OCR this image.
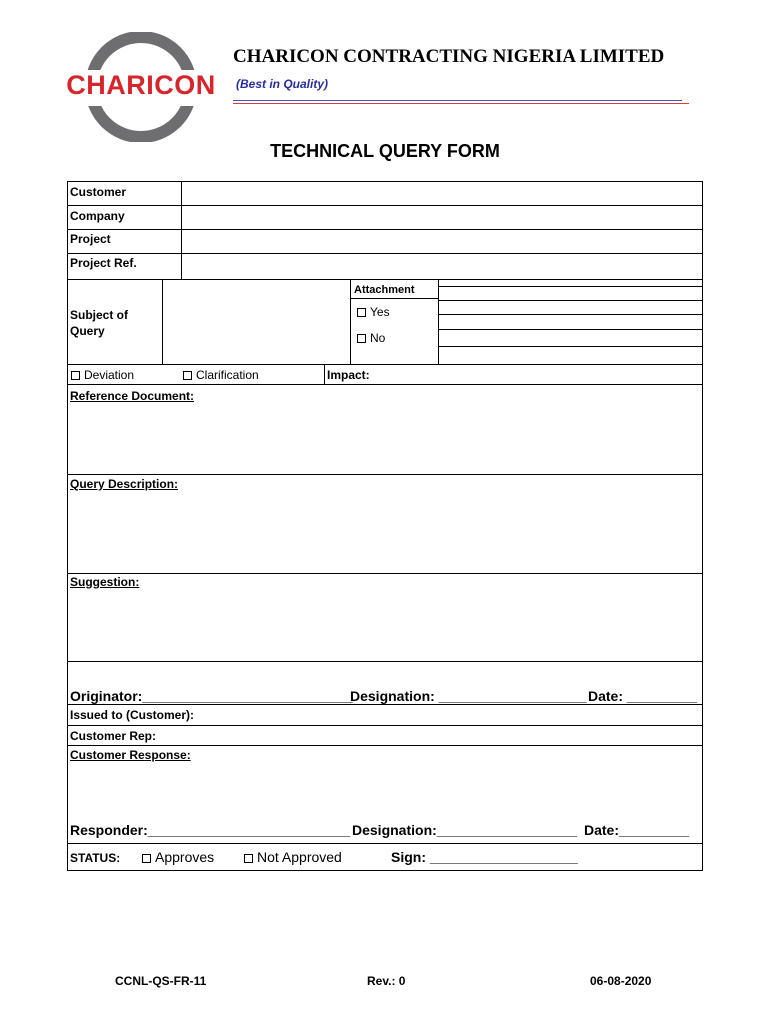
CHARICON
CHARICON CONTRACTING NIGERIA LIMITED
(Best in Quality)
TECHNICAL QUERY FORM
Customer
Company
Project
Project Ref.
Subject of
Query
Attachment
Yes
No
Deviation	Clarification	Impact:
Reference Document:
Query Description:
Suggestion:
Originator:___________________________
Designation: ___________________ Date: _________
Issued to (Customer):
Customer Rep:
Customer Response:
Responder:__________________________ Designation:__________________ Date:_________
STATUS:	Approves	Not Approved	Sign: ___________________
CCNL-QS-FR-11	Rev.: 0	06-08-2020
